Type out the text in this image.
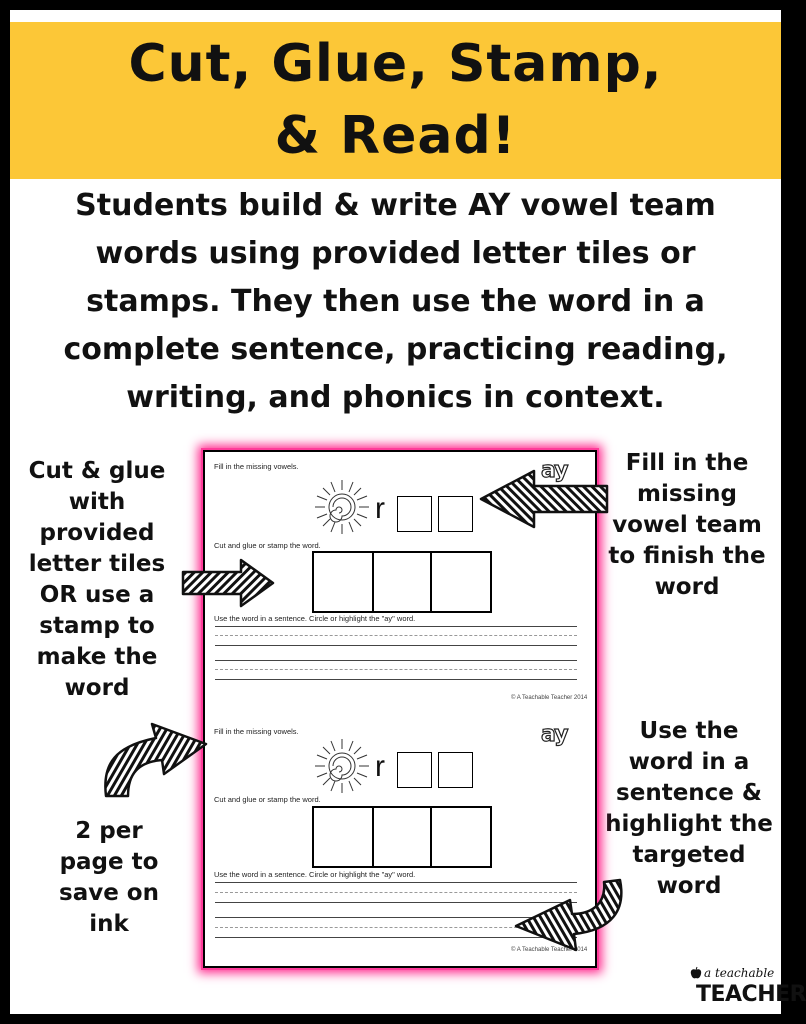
Cut, Glue, Stamp,
& Read!
Students build & write AY vowel team
words using provided letter tiles or
stamps. They then use the word in a
complete sentence, practicing reading,
writing, and phonics in context.
Cut & glue
with
provided
letter tiles
OR use a
stamp to
make the
word
2 per
page to
save on
ink
Fill in the
missing
vowel team
to finish the
word
Use the
word in a
sentence &
highlight the
targeted
word
Fill in the missing vowels.	ay
r
Cut and glue or stamp the word.
Use the word in a sentence. Circle or highlight the "ay" word.
© A Teachable Teacher 2014
Fill in the missing vowels.	ay
r
Cut and glue or stamp the word.
Use the word in a sentence. Circle or highlight the "ay" word.
© A Teachable Teacher 2014
a teachable
TEACHER
